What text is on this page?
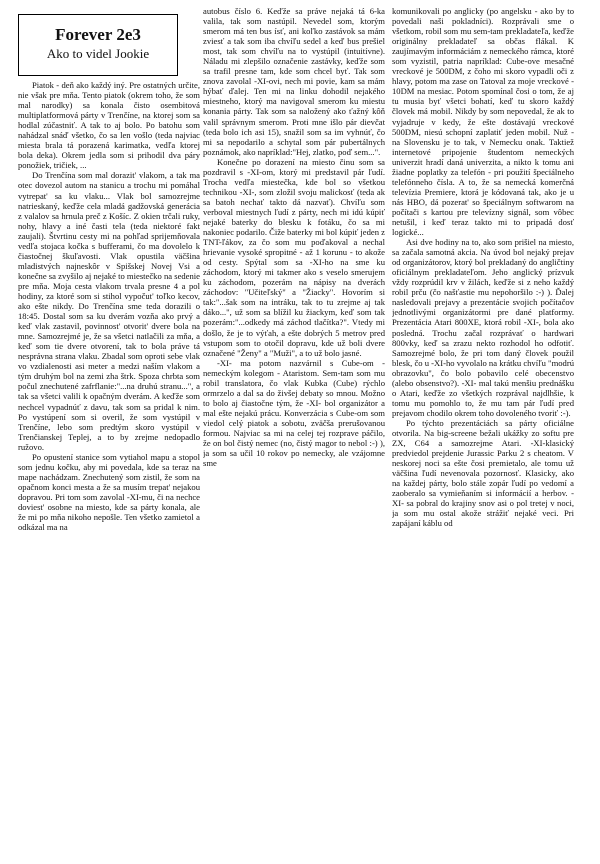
Forever 2e3
Ako to videl Jookie

Piatok - deň ako každý iný. Pre ostatných určite, nie však pre mňa. Tento piatok (okrem toho, že som mal narodky) sa konala čisto osembitová multiplatformová párty v Trenčíne, na ktorej som sa hodlal zúčastniť. A tak to aj bolo. Po batohu som nahádzal snáď všetko, čo sa len vošlo (teda najviac miesta brala tá porazená karimatka, vedľa ktorej bola deka). Okrem jedla som si prihodil dva páry ponožiek, tričiek, ...

Do Trenčína som mal dorazit' vlakom, a tak ma otec dovezol autom na stanicu a trochu mi pomáhal vytrepat' sa ku vlaku... Vlak bol samozrejme natrieskaný, keďže cela mladá gadžovská generácia z valalov sa hrnula preč z Košíc. Z okien trčali ruky, nohy, hlavy a iné časti tela (teda niektoré fakt zaujali). Štvrtinu cesty mi na pohľad sprijemňovala vedľa stojaca kočka s bufferami, čo ma dovolelo k čiastočnej škuľavosti. Vlak opustila väčšina mladistvých najneskôr v Spišskej Novej Vsi a konečne sa zvyšilo aj nejaké to miestečko na sedenie pre mňa. Moja cesta vlakom trvala presne 4 a pol hodiny, za ktoré som si stihol vypočut' toľko kecov, ako ešte nikdy. Do Trenčína sme teda dorazili o 18:45. Dostal som sa ku dverám vozňa ako prvý a keď vlak zastavil, povinnost' otvorit' dvere bola na mne. Samozrejmé je, že sa všetci natlačili za mňa, a keď som tie dvere otvorení, tak to bola práve tá nesprávna strana vlaku. Zbadal som oproti sebe vlak vo vzdialenosti asi meter a medzi naším vlakom a tým druhým bol na zemi zha štrk. Spoza chrbta som počul znechutené zafrflanie:"...na druhú stranu...", a tak sa všetci valili k opačným dverám. A keďže som nechcel vypadnúť z davu, tak som sa pridal k nim. Po vystúpení som si overil, že som vystúpil v Trenčíne, lebo som predtým skoro vystúpil v Trenčianskej Teplej, a to by zrejme nedopadlo ružovo.

Po opustení stanice som vytiahol mapu a stopol som jednu kočku, aby mi povedala, kde sa teraz na mape nachádzam. Znechutený som zistil, že som na opačnom konci mesta a že sa musím trepat' nejakou dopravou. Pri tom som zavolal -XI-mu, či na nechce doviest' osobne na miesto, kde sa párty konala, ale že mi po mňa nikoho nepošle. Ten všetko zamietol a odkázal ma na

autobus číslo 6. Keďže sa práve nejaká tá 6-ka valila, tak som nastúpil. Nevedel som, ktorým smerom má ten bus ísť, ani koľko zastávok sa mám zviesť a tak som iba chvíľu sedel a keď bus prešiel most, tak som chvíľu na to vystúpil (intuitívne). Náladu mi zlepšilo označenie zastávky, keďže som sa trafil presne tam, kde som chcel byť. Tak som znova zavolal -XI-ovi, nech mi povie, kam sa mám hýbať ďalej. Ten mi na linku dohodil nejakého miestneho, ktorý ma navigoval smerom ku miestu konania párty. Tak som sa naložený ako ťažný kôň valil správnym smerom. Proti mne išlo pár dievčat (teda bolo ich asi 15), snažil som sa im vyhnúť, čo mi sa nepodarilo a schytal som pár pubertálnych poznámok, ako napríklad:"Hej, zlatko, poď sem...".

Konečne po dorazení na miesto činu som sa pozdravil s -XI-om, ktorý mi predstavil pár ľudí. Trocha vedľa miestečka, kde bol so všetkou technikou -XI-, som zložil svoju malickosť (teda ak sa batoh nechať takto dá nazvať). Chvíľu som verboval miestnych ľudí z párty, nech mi idú kúpiť nejaké baterky do blesku k fotáku, čo sa mi nakoniec podarilo. Čiže baterky mi bol kúpiť jeden z TNT-ľákov, za čo som mu poďakoval a nechal hrievanie vysoké spropitné - až 1 korunu - to akože od cesty. Spýtal som sa -XI-ho na sme ku záchodom, ktorý mi takmer ako s veselo smerujem ku záchodom, pozerám na nápisy na dverách záchodov: "Učiteľský" a "Žiacky". Hovorím si tak:"...šak som na intráku, tak to tu zrejme aj tak dáko...", už som sa blížil ku žiackym, keď som tak pozerám:"...odkedy má záchod tlačítka?". Vtedy mi došlo, že je to výťah, a ešte dobrých 5 metrov pred vstupom som to otočil dopravu, kde už boli dvere označené "Ženy" a "Muži", a to už bolo jasné.

-XI- ma potom nazvárnil s Cube-om - nemeckým kolegom - Ataristom. Sem-tam som mu robil translatora, čo vlak Kubka (Cube) rýchlo ormrzelo a dal sa do živšej debaty so mnou. Možno to bolo aj čiastočne tým, že -XI- bol organizátor a mal ešte nejakú prácu. Konverzácia s Cube-om som viedol celý piatok a sobotu, zväčša prerušovanou formou. Najviac sa mi na celej tej rozprave páčilo, že on bol čistý nemec (no, čistý magor to nebol :-) ), ja som sa učil 10 rokov po nemecky, ale vzájomne sme

komunikovali po anglicky (po angelsku - ako by to povedali naši pokladníci). Rozprávali sme o všetkom, robil som mu sem-tam prekladateľa, keďže originálny prekladateľ sa občas flákal. K zaujímavým informáciám z nemeckého rámca, ktoré som vyzistil, patria napríklad: Cube-ove mesačné vreckové je 500DM, z čoho mi skoro vypadli oči z hlavy, potom ma zase on Tatoval za moje vreckové - 10DM na mesiac. Potom spomínal čosi o tom, že aj tu musia byť všetci bohatí, keď tu skoro každý človek má mobil. Nikdy by som nepovedal, že ak to vyjadruje v kedy, že ešte dostávajú vreckové 500DM, niesú schopní zaplatiť jeden mobil. Nuž - na Slovensku je to tak, v Nemecku onak. Taktiež internetové pripojenie študentom nemeckých univerzit hradí daná univerzita, a nikto k tomu ani žiadne poplatky za telefón - pri použití špeciálneho telefónneho čísla. A to, že sa nemecká komerčná televízia Premiere, ktorá je kódovaná tak, ako je u nás HBO, dá pozerat' so špeciálnym softwarom na počítači s kartou pre televízny signál, som vôbec netušil, i keď teraz takto mi to pripadá dosť logické...

Asi dve hodiny na to, ako som prišiel na miesto, sa začala samotná akcia. Na úvod bol nejaký prejav od organizátorov, ktorý bol prekladaný do angličtiny oficiálnym prekladateľom. Jeho anglický prízvuk vždy rozprúdil krv v žilách, keďže si z neho každý robil prču (čo našťastie mu nepohoršilo :-) ). Ďalej nasledovali prejavy a prezentácie svojich počítačov jednotlivými organizátormi pre dané platformy. Prezentácia Atari 800XE, ktorá robil -XI-, bola ako posledná. Trochu začal rozprávať o hardwari 800vky, keď sa zrazu nekto rozhodol ho odfotiť. Samozrejmé bolo, že pri tom daný človek použil blesk, čo u -XI-ho vyvolalo na krátku chvíľu "modrú obrazovku", čo bolo pobavilo celé obecenstvo (alebo obsenstvo?). -XI- mal takú menšiu prednášku o Atari, keďže zo všetkých rozprával najdlhšie, k tomu mu pomohlo to, že mu tam pár ľudí pred prejavom chodilo okrem toho dovoleného tvoriť :-).

Po týchto prezentáciách sa párty oficiálne otvorila. Na big-screene bežali ukážky zo softu pre ZX, C64 a samozrejme Atari. -XI-klasický predviedol prejdenie Jurassic Parku 2 s cheatom. V neskorej noci sa ešte čosi premietalo, ale tomu už väčšina ľudí nevenovala pozornosť. Klasicky, ako na každej párty, bolo stále zopár ľudí po vedomí a zaoberalo sa vymieňaním si informácií a herbov. -XI- sa pobral do krajiny snov asi o pol tretej v noci, ja som mu ostal akože strážiť nejaké veci. Pri zapájaní káblu od
